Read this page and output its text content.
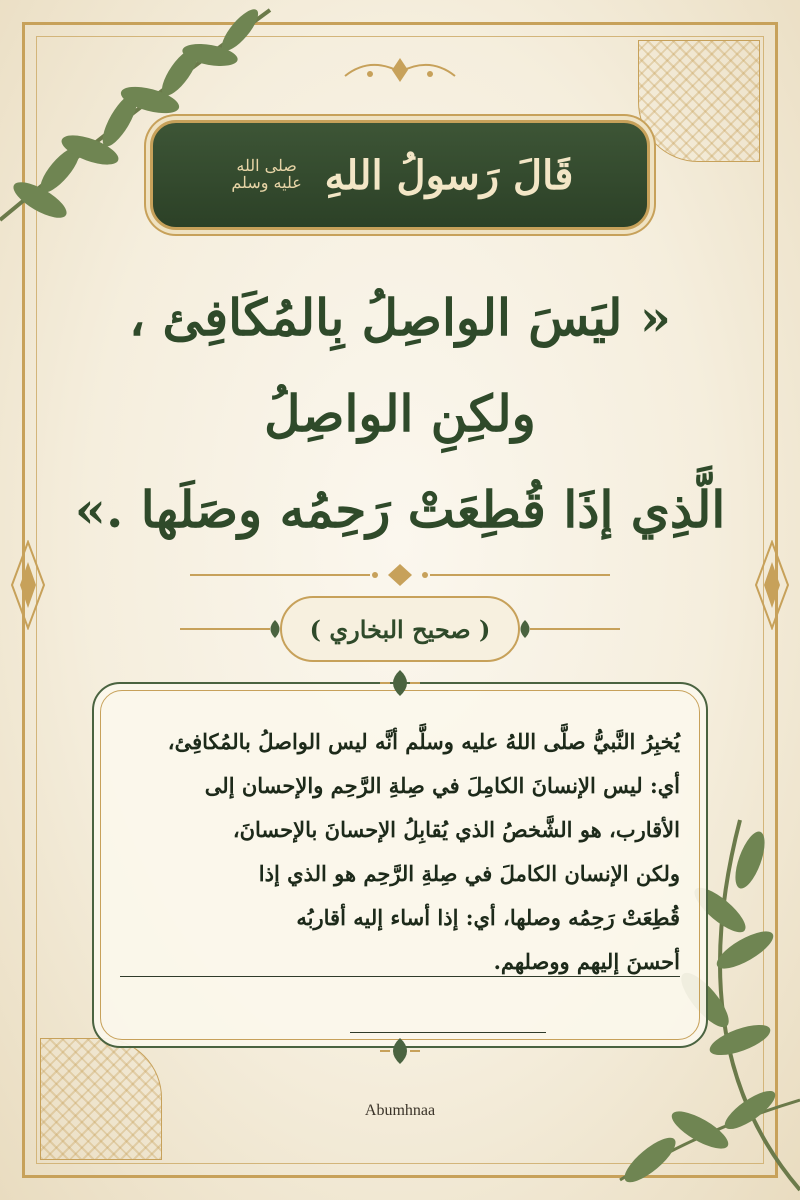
قَالَ رَسولُ اللهِ
صلى الله عليه وسلم
« ليَسَ الواصِلُ بِالمُكَافِئ ،
ولكِنِ الواصِلُ
الَّذِي إذَا قُطِعَتْ رَحِمُه وصَلَها .»
( صحيح البخاري )
يُخبِرُ النَّبيُّ صلَّى اللهُ عليه وسلَّم أنَّه ليس الواصلُ بالمُكافِئ،
أي: ليس الإنسانَ الكامِلَ في صِلةِ الرَّحِم والإحسان إلى
الأقارب، هو الشَّخصُ الذي يُقابِلُ الإحسانَ بالإحسانَ،
ولكن الإنسان الكاملَ في صِلةِ الرَّحِم هو الذي إذا
قُطِعَتْ رَحِمُه وصلها، أي: إذا أساء إليه أقاربُه
أحسنَ إليهم ووصلهم.
Abumhnaa
